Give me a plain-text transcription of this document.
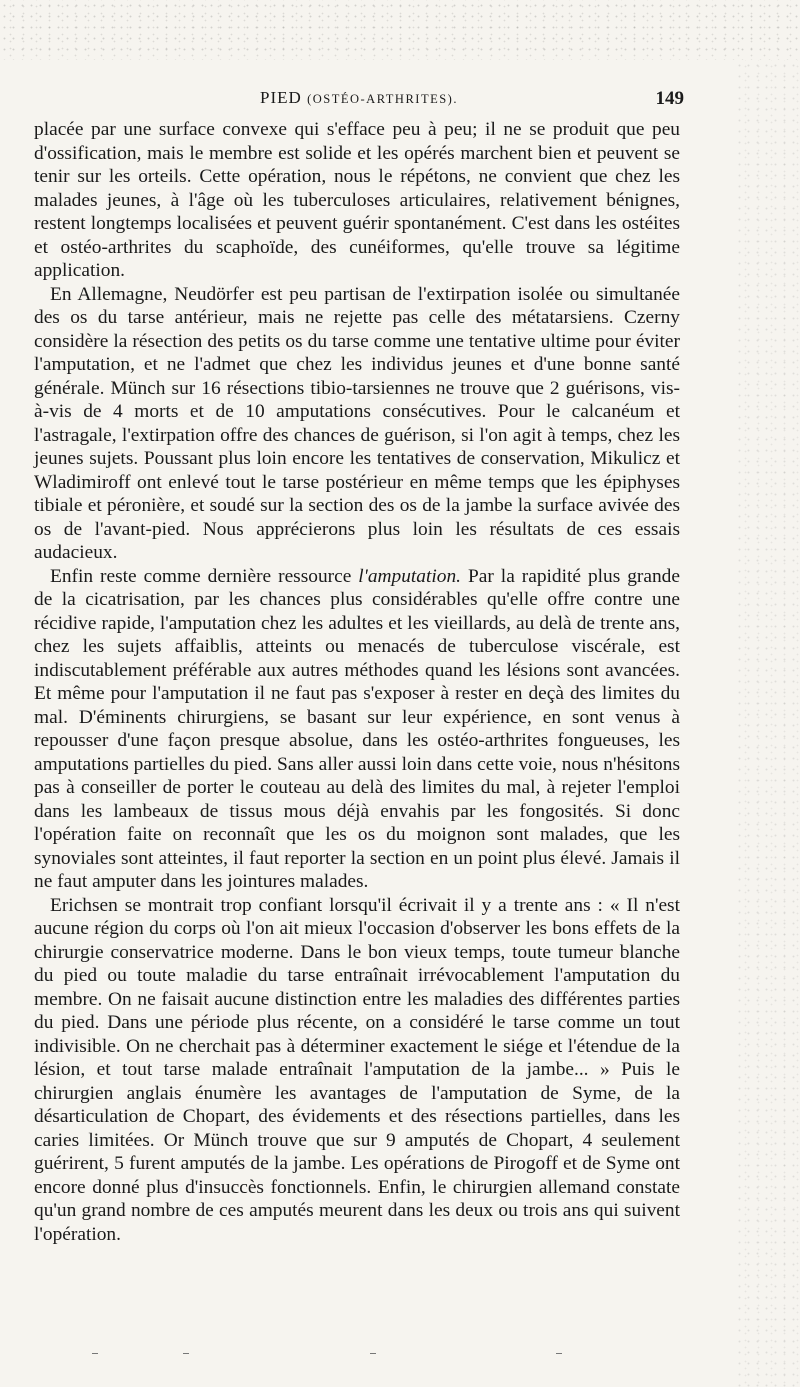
PIED (OSTÉO-ARTHRITES).	149

placée par une surface convexe qui s'efface peu à peu; il ne se produit que peu d'ossification, mais le membre est solide et les opérés marchent bien et peuvent se tenir sur les orteils. Cette opération, nous le répétons, ne convient que chez les malades jeunes, à l'âge où les tuberculoses articulaires, relativement bénignes, restent longtemps localisées et peuvent guérir spontanément. C'est dans les ostéites et ostéo-arthrites du scaphoïde, des cunéiformes, qu'elle trouve sa légitime application.

En Allemagne, Neudörfer est peu partisan de l'extirpation isolée ou simultanée des os du tarse antérieur, mais ne rejette pas celle des métatarsiens. Czerny considère la résection des petits os du tarse comme une tentative ultime pour éviter l'amputation, et ne l'admet que chez les individus jeunes et d'une bonne santé générale. Münch sur 16 résections tibio-tarsiennes ne trouve que 2 guérisons, vis-à-vis de 4 morts et de 10 amputations consécutives. Pour le calcanéum et l'astragale, l'extirpation offre des chances de guérison, si l'on agit à temps, chez les jeunes sujets. Poussant plus loin encore les tentatives de conservation, Mikulicz et Wladimiroff ont enlevé tout le tarse postérieur en même temps que les épiphyses tibiale et péronière, et soudé sur la section des os de la jambe la surface avivée des os de l'avant-pied. Nous apprécierons plus loin les résultats de ces essais audacieux.

Enfin reste comme dernière ressource l'amputation. Par la rapidité plus grande de la cicatrisation, par les chances plus considérables qu'elle offre contre une récidive rapide, l'amputation chez les adultes et les vieillards, au delà de trente ans, chez les sujets affaiblis, atteints ou menacés de tuberculose viscérale, est indiscutablement préférable aux autres méthodes quand les lésions sont avancées. Et même pour l'amputation il ne faut pas s'exposer à rester en deçà des limites du mal. D'éminents chirurgiens, se basant sur leur expérience, en sont venus à repousser d'une façon presque absolue, dans les ostéo-arthrites fongueuses, les amputations partielles du pied. Sans aller aussi loin dans cette voie, nous n'hésitons pas à conseiller de porter le couteau au delà des limites du mal, à rejeter l'emploi dans les lambeaux de tissus mous déjà envahis par les fongosités. Si donc l'opération faite on reconnaît que les os du moignon sont malades, que les synoviales sont atteintes, il faut reporter la section en un point plus élevé. Jamais il ne faut amputer dans les jointures malades.

Erichsen se montrait trop confiant lorsqu'il écrivait il y a trente ans : « Il n'est aucune région du corps où l'on ait mieux l'occasion d'observer les bons effets de la chirurgie conservatrice moderne. Dans le bon vieux temps, toute tumeur blanche du pied ou toute maladie du tarse entraînait irrévocablement l'amputation du membre. On ne faisait aucune distinction entre les maladies des différentes parties du pied. Dans une période plus récente, on a considéré le tarse comme un tout indivisible. On ne cherchait pas à déterminer exactement le siége et l'étendue de la lésion, et tout tarse malade entraînait l'amputation de la jambe... » Puis le chirurgien anglais énumère les avantages de l'amputation de Syme, de la désarticulation de Chopart, des évidements et des résections partielles, dans les caries limitées. Or Münch trouve que sur 9 amputés de Chopart, 4 seulement guérirent, 5 furent amputés de la jambe. Les opérations de Pirogoff et de Syme ont encore donné plus d'insuccès fonctionnels. Enfin, le chirurgien allemand constate qu'un grand nombre de ces amputés meurent dans les deux ou trois ans qui suivent l'opération.
